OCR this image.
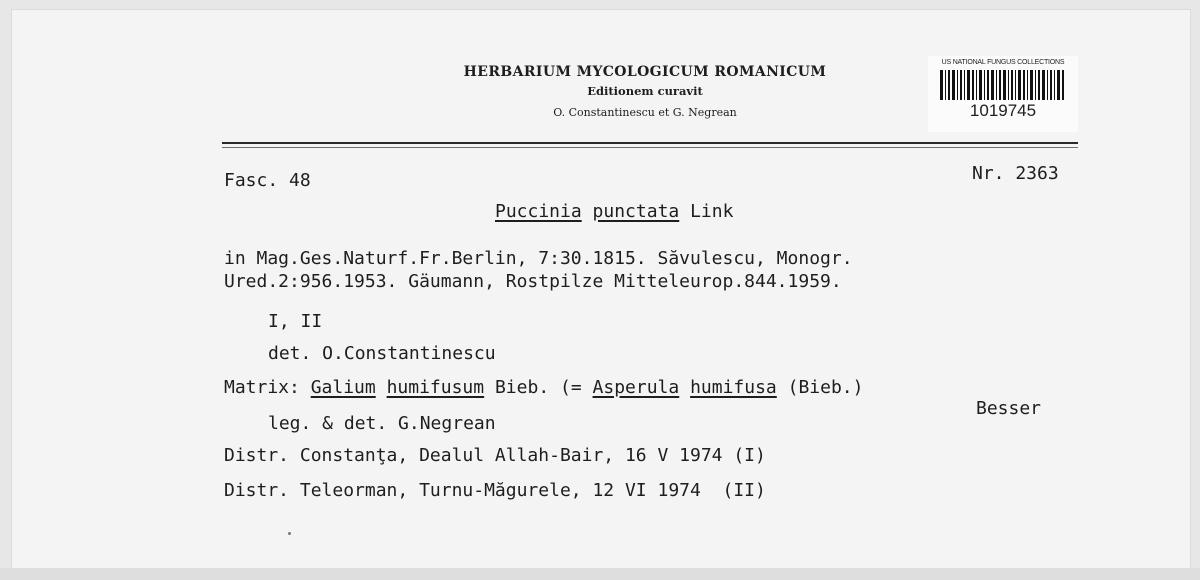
HERBARIUM MYCOLOGICUM ROMANICUM
Editionem curavit
O. Constantinescu et G. Negrean
US NATIONAL FUNGUS COLLECTIONS
1019745
Fasc. 48	Nr. 2363
Puccinia punctata Link
in Mag.Ges.Naturf.Fr.Berlin, 7:30.1815. Săvulescu, Monogr.
Ured.2:956.1953. Gäumann, Rostpilze Mitteleurop.844.1959.
I, II
det. O.Constantinescu
Matrix: Galium humifusum Bieb. (= Asperula humifusa (Bieb.)
Besser
leg. & det. G.Negrean
Distr. Constanţa, Dealul Allah-Bair, 16 V 1974 (I)
Distr. Teleorman, Turnu-Măgurele, 12 VI 1974  (II)
